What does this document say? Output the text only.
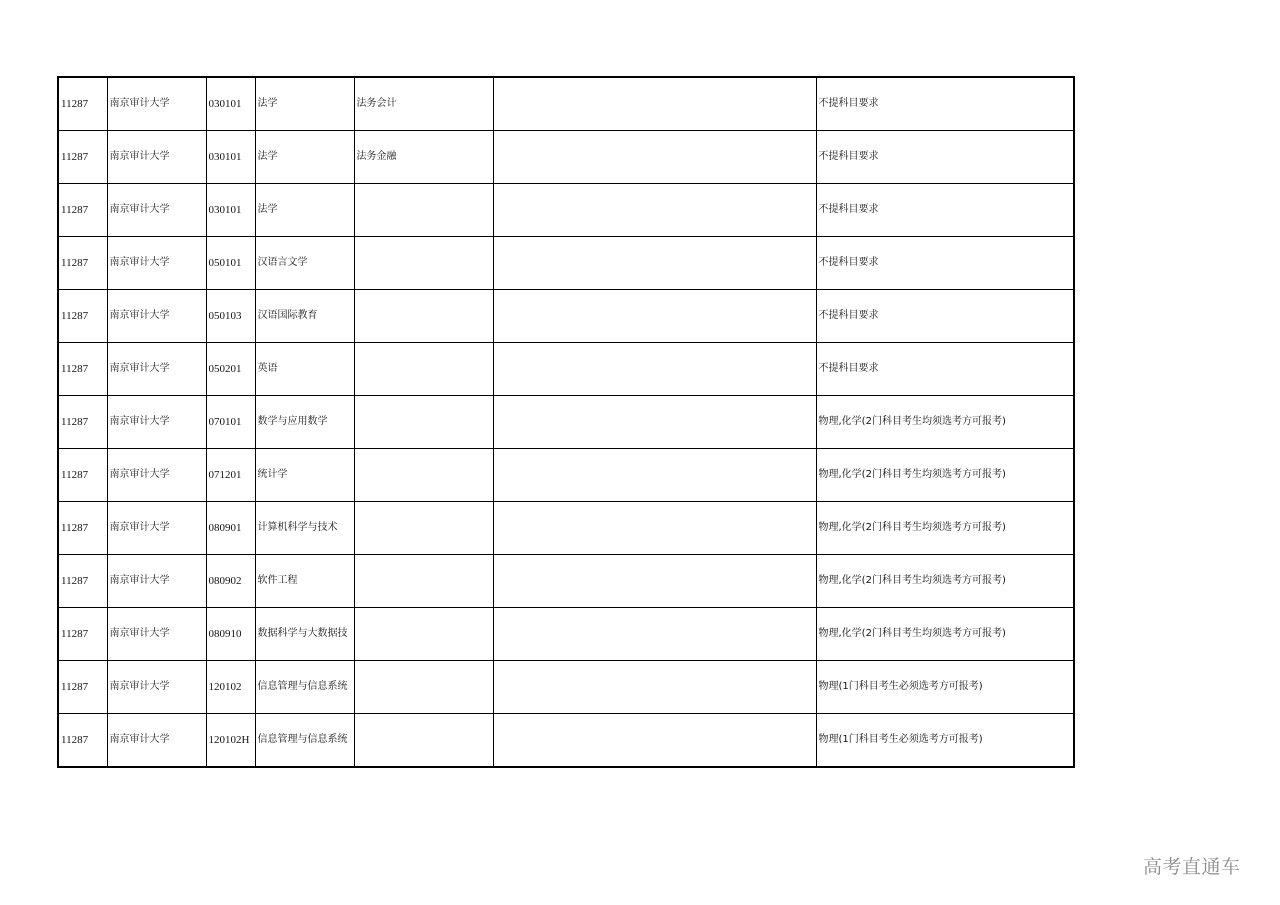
11287	南京审计大学	030101	法学	法务会计		不提科目要求
11287	南京审计大学	030101	法学	法务金融		不提科目要求
11287	南京审计大学	030101	法学			不提科目要求
11287	南京审计大学	050101	汉语言文学			不提科目要求
11287	南京审计大学	050103	汉语国际教育			不提科目要求
11287	南京审计大学	050201	英语			不提科目要求
11287	南京审计大学	070101	数学与应用数学			物理,化学(2门科目考生均须选考方可报考)
11287	南京审计大学	071201	统计学			物理,化学(2门科目考生均须选考方可报考)
11287	南京审计大学	080901	计算机科学与技术			物理,化学(2门科目考生均须选考方可报考)
11287	南京审计大学	080902	软件工程			物理,化学(2门科目考生均须选考方可报考)
11287	南京审计大学	080910	数据科学与大数据技			物理,化学(2门科目考生均须选考方可报考)
11287	南京审计大学	120102	信息管理与信息系统			物理(1门科目考生必须选考方可报考)
11287	南京审计大学	120102H	信息管理与信息系统			物理(1门科目考生必须选考方可报考)
高考直通车
